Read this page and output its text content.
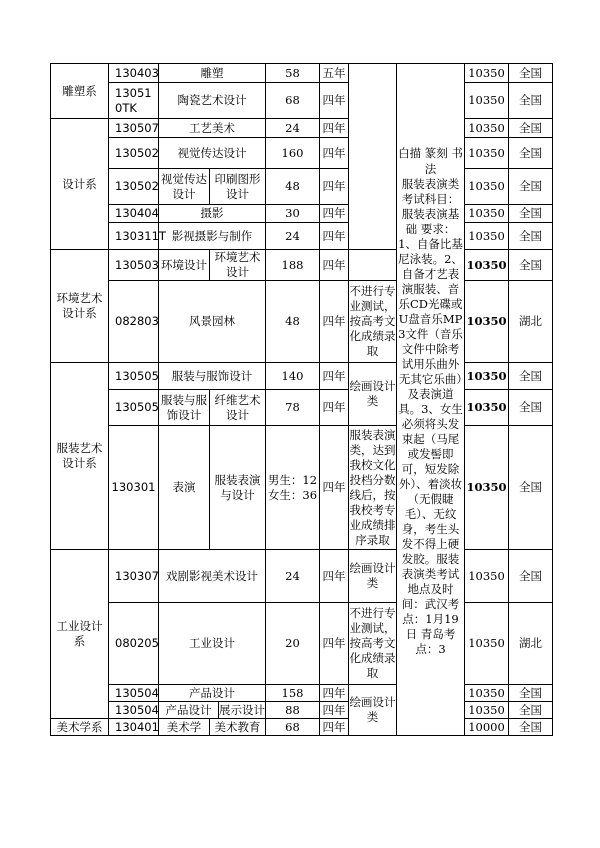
雕塑系	130403	雕塑			58	五年		白描 篆刻 书法
服装表演类考试科目：服装表演基础 要求：1、自备比基尼泳装。2、自备才艺表演服装、音乐CD光碟或U盘音乐MP3文件（音乐文件中除考试用乐曲外无其它乐曲）及表演道具。3、女生必须将头发束起（马尾或发髻即可，短发除外）、着淡妆（无假睫毛）、无纹身，考生头发不得上硬发胶。服装表演类考试地点及时间：武汉考点：1月19日 青岛考点：3	10350	全国
	130510TK	陶瓷艺术设计			68	四年			10350	全国
设计系	130507	工艺美术			24	四年			10350	全国
	130502	视觉传达设计			160	四年			10350	全国
	130502	视觉传达设计	印刷图形设计		48	四年			10350	全国
	130404	摄影			30	四年			10350	全国
	130311T	影视摄影与制作			24	四年			10350	全国
环境艺术设计系	130503	环境设计	环境艺术设计		188	四年			10350	全国
	082803	风景园林			48	四年	不进行专业测试，按高考文化成绩录取		10350	湖北
服装艺术设计系	130505	服装与服饰设计			140	四年	绘画设计类		10350	全国
	130505	服装与服饰设计	纤维艺术设计		78	四年			10350	全国
	130301	表演	服装表演与设计		男生：12
女生：36	四年	服装表演类，达到我校文化投档分数线后，按我校考专业成绩排序录取		10350	全国
工业设计系	130307	戏剧影视美术设计			24	四年	绘画设计类		10350	全国
	080205	工业设计			20	四年	不进行专业测试，按高考文化成绩录取		10350	湖北
	130504	产品设计			158	四年	绘画设计类		10350	全国
	130504	产品设计		展示设计	88	四年			10350	全国
美术学系	130401	美术学	美术教育		68	四年			10000	全国
